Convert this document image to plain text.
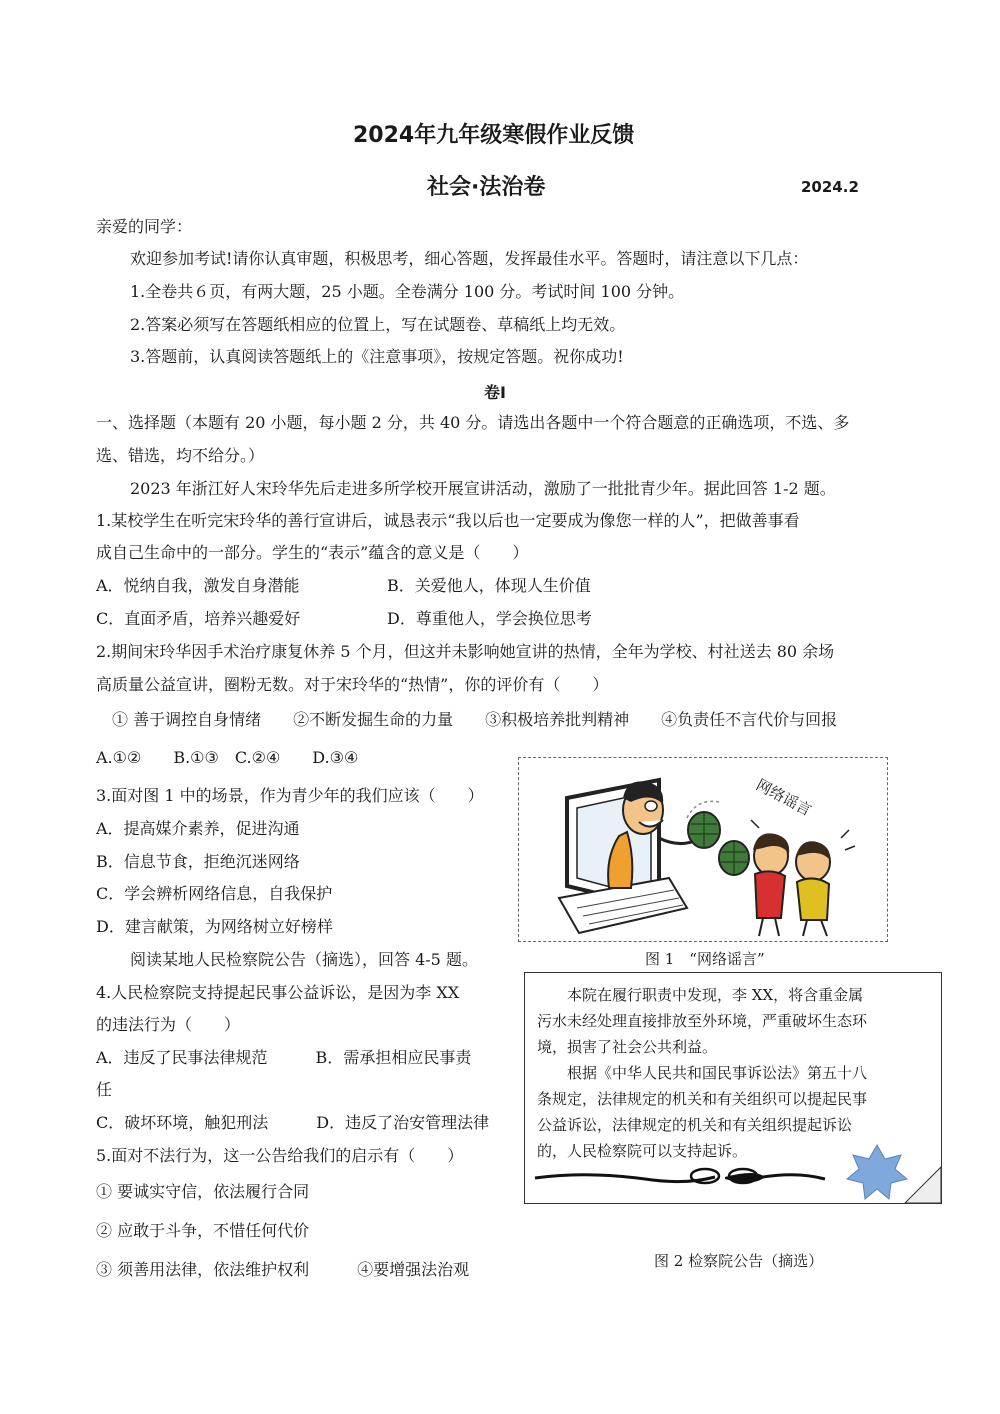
2024年九年级寒假作业反馈
社会·法治卷	2024.2
亲爱的同学：
欢迎参加考试!请你认真审题，积极思考，细心答题，发挥最佳水平。答题时，请注意以下几点：
1.全卷共６页，有两大题，25 小题。全卷满分 100 分。考试时间 100 分钟。
2.答案必须写在答题纸相应的位置上，写在试题卷、草稿纸上均无效。
3.答题前，认真阅读答题纸上的《注意事项》，按规定答题。祝你成功!
卷Ⅰ
一、选择题（本题有 20 小题，每小题 2 分，共 40 分。请选出各题中一个符合题意的正确选项，不选、多
选、错选，均不给分。）
2023 年浙江好人宋玲华先后走进多所学校开展宣讲活动，激励了一批批青少年。据此回答 1-2 题。
1.某校学生在听完宋玲华的善行宣讲后，诚恳表示“我以后也一定要成为像您一样的人”，把做善事看
成自己生命中的一部分。学生的“表示”蕴含的意义是（　　）
A．悦纳自我，激发自身潜能	B．关爱他人，体现人生价值
C．直面矛盾，培养兴趣爱好	D．尊重他人，学会换位思考
2.期间宋玲华因手术治疗康复休养 5 个月，但这并未影响她宣讲的热情，全年为学校、村社送去 80 余场
高质量公益宣讲，圈粉无数。对于宋玲华的“热情”，你的评价有（　　）
① 善于调控自身情绪　　②不断发掘生命的力量　　③积极培养批判精神　　④负责任不言代价与回报
A.①②　　B.①③　C.②④　　D.③④
3.面对图 1 中的场景，作为青少年的我们应该（　　）
A．提高媒介素养，促进沟通
B．信息节食，拒绝沉迷网络
C．学会辨析网络信息，自我保护
D．建言献策，为网络树立好榜样
网络谣言
图 1　“网络谣言”
阅读某地人民检察院公告（摘选），回答 4-5 题。
4.人民检察院支持提起民事公益诉讼，是因为李 XX
的违法行为（　　）
A．违反了民事法律规范　　　B．需承担相应民事责
任
C．破坏环境，触犯刑法　　　D．违反了治安管理法律
5.面对不法行为，这一公告给我们的启示有（　　）
① 要诚实守信，依法履行合同
② 应敢于斗争，不惜任何代价
③ 须善用法律，依法维护权利　　　④要增强法治观
　　本院在履行职责中发现，李 XX，将含重金属
污水未经处理直接排放至外环境，严重破坏生态环
境，损害了社会公共利益。
　　根据《中华人民共和国民事诉讼法》第五十八
条规定，法律规定的机关和有关组织可以提起民事
公益诉讼，法律规定的机关和有关组织提起诉讼
的，人民检察院可以支持起诉。
图 2 检察院公告（摘选）
